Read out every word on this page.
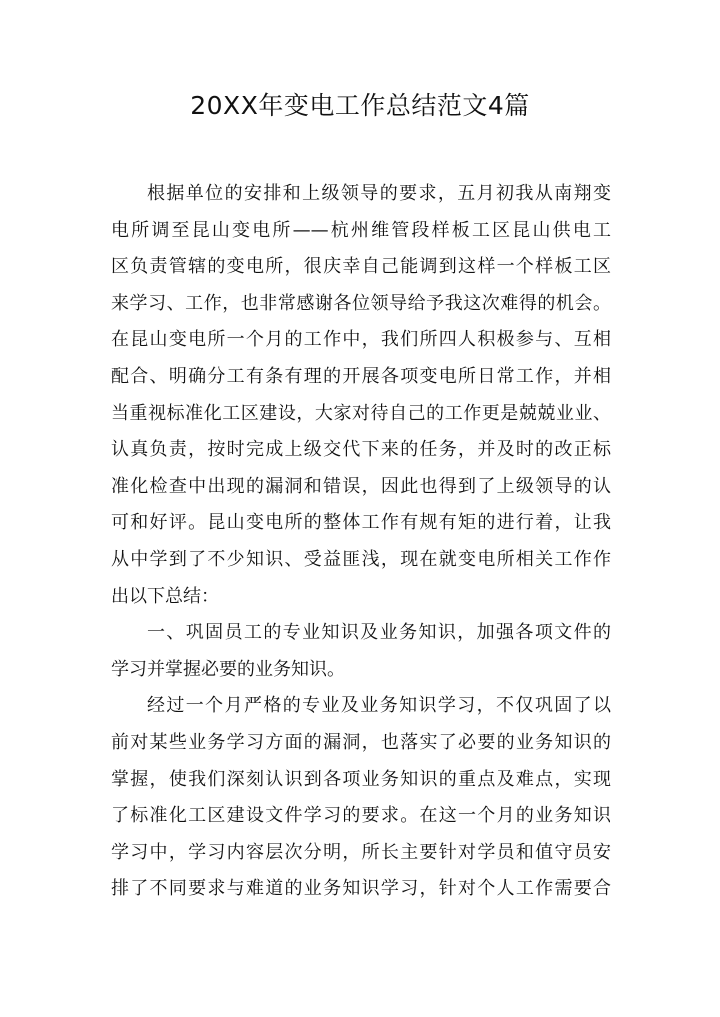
20XX年变电工作总结范文4篇
根据单位的安排和上级领导的要求，五月初我从南翔变
电所调至昆山变电所——杭州维管段样板工区昆山供电工
区负责管辖的变电所，很庆幸自己能调到这样一个样板工区
来学习、工作，也非常感谢各位领导给予我这次难得的机会。
在昆山变电所一个月的工作中，我们所四人积极参与、互相
配合、明确分工有条有理的开展各项变电所日常工作，并相
当重视标准化工区建设，大家对待自己的工作更是兢兢业业、
认真负责，按时完成上级交代下来的任务，并及时的改正标
准化检查中出现的漏洞和错误，因此也得到了上级领导的认
可和好评。昆山变电所的整体工作有规有矩的进行着，让我
从中学到了不少知识、受益匪浅，现在就变电所相关工作作
出以下总结：
一、巩固员工的专业知识及业务知识，加强各项文件的
学习并掌握必要的业务知识。
经过一个月严格的专业及业务知识学习，不仅巩固了以
前对某些业务学习方面的漏洞，也落实了必要的业务知识的
掌握，使我们深刻认识到各项业务知识的重点及难点，实现
了标准化工区建设文件学习的要求。在这一个月的业务知识
学习中，学习内容层次分明，所长主要针对学员和值守员安
排了不同要求与难道的业务知识学习，针对个人工作需要合
